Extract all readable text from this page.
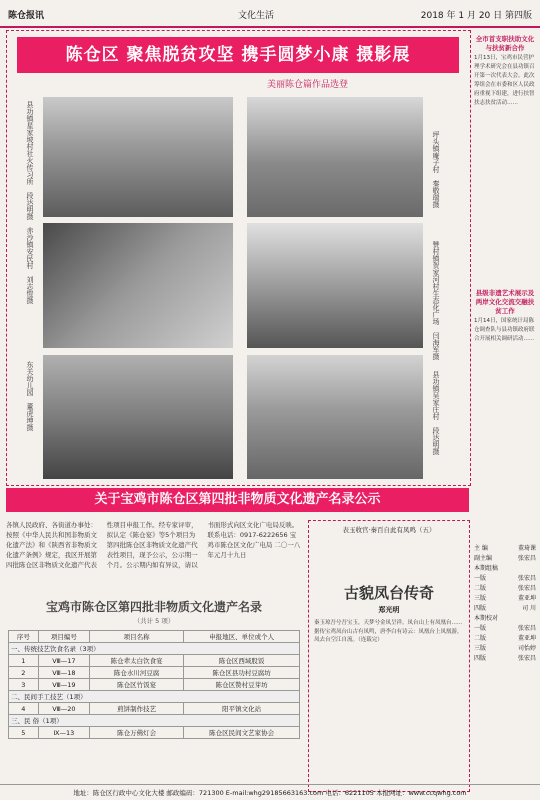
陈仓报讯	文化生活	2018 年 1 月 20 日 第四版
陈仓区 聚焦脱贫攻坚 携手圆梦小康 摄影展
美丽陈仓篇作品选登
县功镇星家坡村社火传习所　段达明摄	坪头镇庵子村　秦敬瑞摄
赤沙镇安民村　刘志愷摄	赞村镇贺家河村生态化广场　闫海军摄
东关幼儿园　董虎坤摄	县功镇吴家庄村　段达明摄
全市首支职扶助文化与扶贫新合作
1月13日，宝鸡市民营护理学术研究会在县功镇召开第一次代表大会。此次筹组会在市委和区人民政府重视下组建，进行扶智扶志扶贫活动……
县级非遗艺术展示及两岸文化交流交融扶贫工作
1月14日，国家统计局陈仓调查队与县功镇政府联合开展相关调研活动……
主 编	董琦课
副主编	张宏昌
本期组稿
一版	张宏昌
二版	张宏昌
三版	董亚坤
四版	司 川
本期校对
一版	张宏昌
二版	董亚坤
三版	司怡婷
四版	张宏昌
关于宝鸡市陈仓区第四批非物质文化遗产名录公示
各镇人民政府、各街道办事处：按照《中华人民共和国非物质文化遗产法》和《陕西省非物质文化遗产条例》规定，我区开展第四批陈仓区非物质文化遗产代表性项目申报工作。经专家评审，拟认定《陈仓宴》等5个项目为第四批陈仓区非物质文化遗产代表性项目，现予公示，公示期一个月。公示期内如有异议，请以书面形式向区文化广电局反映。联系电话：0917-6222656 宝鸡市陈仓区文化广电局 二〇一八年元月十九日
宝鸡市陈仓区第四批非物质文化遗产名录
（共计 5 项）
序号	项目编号	项目名称	申报地区、单位或个人
一、传统技艺饮食名录（3项）			
1	Ⅷ—17	陈仓辈太白饮食宴	陈仓区西域股饭
2	Ⅷ—18	陈仓水川河豆腐	陈仓区县功村豆腐坊
3	Ⅷ—19	陈仓区竹饭宴	陈仓区赞村豆芽坊
二、民间手工技艺（1项）			
4	Ⅷ—20	煎饼制作技艺	阳平镇文化站
三、民 俗（1项）			
5	Ⅸ—13	陈仓万佛灯会	陈仓区民间文艺家协会
表玉收官·秦百自此有凤鸣（五）
古貌凤台传奇
郑光明
秦玉琼吾兮吾宝玉，天梦兮金凤呈祥。凤台山上有凤凰台……据传宝鸡凤台山古有凤鸣，唐李白有诗云：凤凰台上凤凰游，凤去台空江自流。（连载完）
地址：陈仓区行政中心文化大楼 邮政编码：721300 E-mail:whg29185663163.com 电话：6221105 本报网址：www.ccqwhg.com
